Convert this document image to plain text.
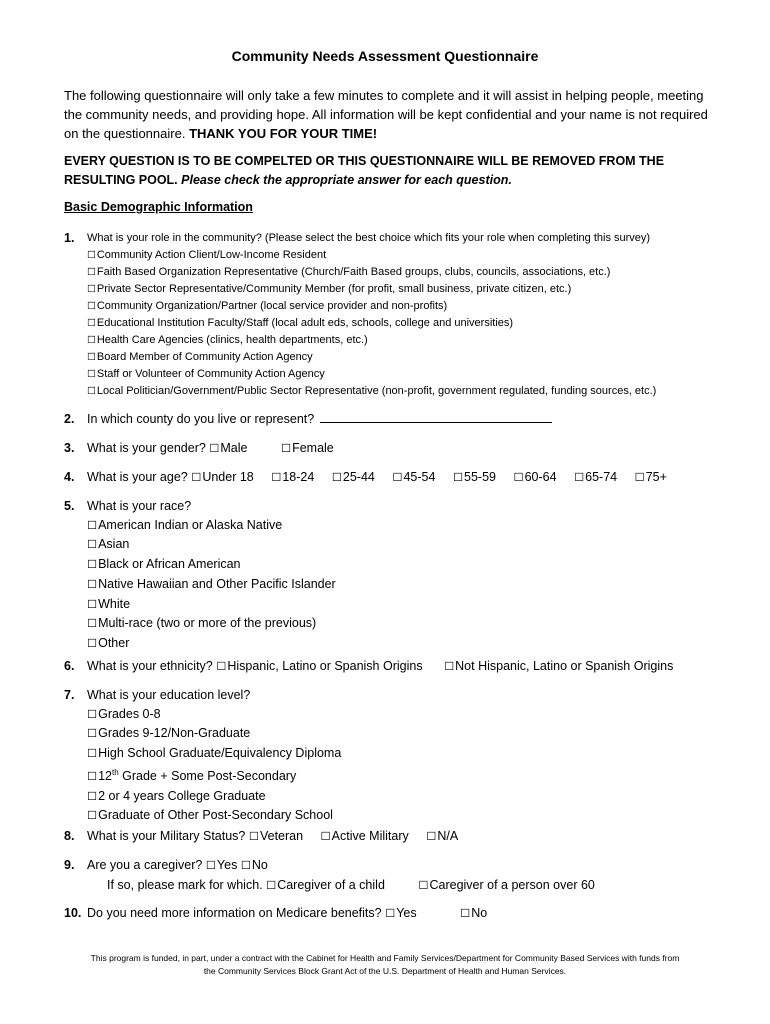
Community Needs Assessment Questionnaire
The following questionnaire will only take a few minutes to complete and it will assist in helping people, meeting the community needs, and providing hope. All information will be kept confidential and your name is not required on the questionnaire. THANK YOU FOR YOUR TIME!
EVERY QUESTION IS TO BE COMPELTED OR THIS QUESTIONNAIRE WILL BE REMOVED FROM THE RESULTING POOL. Please check the appropriate answer for each question.
Basic Demographic Information
1. What is your role in the community? (Please select the best choice which fits your role when completing this survey)
☐Community Action Client/Low-Income Resident
☐Faith Based Organization Representative (Church/Faith Based groups, clubs, councils, associations, etc.)
☐Private Sector Representative/Community Member (for profit, small business, private citizen, etc.)
☐Community Organization/Partner (local service provider and non-profits)
☐Educational Institution Faculty/Staff (local adult eds, schools, college and universities)
☐Health Care Agencies (clinics, health departments, etc.)
☐Board Member of Community Action Agency
☐Staff or Volunteer of Community Action Agency
☐Local Politician/Government/Public Sector Representative (non-profit, government regulated, funding sources, etc.)
2. In which county do you live or represent?
3. What is your gender? ☐Male	☐Female
4. What is your age? ☐Under 18 ☐18-24 ☐25-44 ☐45-54 ☐55-59 ☐60-64 ☐65-74 ☐75+
5. What is your race?
☐American Indian or Alaska Native
☐Asian
☐Black or African American
☐Native Hawaiian and Other Pacific Islander
☐White
☐Multi-race (two or more of the previous)
☐Other
6. What is your ethnicity? ☐Hispanic, Latino or Spanish Origins ☐Not Hispanic, Latino or Spanish Origins
7. What is your education level?
☐Grades 0-8
☐Grades 9-12/Non-Graduate
☐High School Graduate/Equivalency Diploma
☐12th Grade + Some Post-Secondary
☐2 or 4 years College Graduate
☐Graduate of Other Post-Secondary School
8. What is your Military Status? ☐Veteran ☐Active Military ☐N/A
9. Are you a caregiver? ☐Yes ☐No
If so, please mark for which. ☐Caregiver of a child	☐Caregiver of a person over 60
10. Do you need more information on Medicare benefits? ☐Yes	☐No
This program is funded, in part, under a contract with the Cabinet for Health and Family Services/Department for Community Based Services with funds from
the Community Services Block Grant Act of the U.S. Department of Health and Human Services.
